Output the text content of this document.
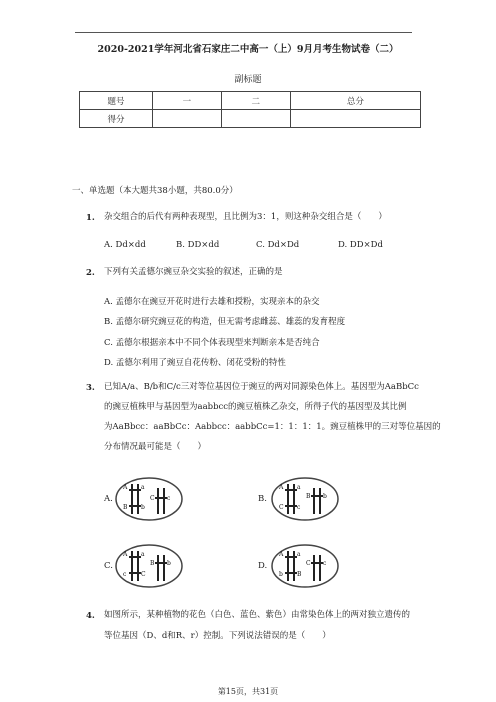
2020-2021学年河北省石家庄二中高一（上）9月月考生物试卷（二）
副标题
题号	一	二	总分
得分			
一、单选题（本大题共38小题，共80.0分）
1. 杂交组合的后代有两种表现型，且比例为3：1，则这种杂交组合是（　　）
A. Dd×dd	B. DD×dd	C. Dd×Dd	D. DD×Dd
2. 下列有关孟德尔豌豆杂交实验的叙述，正确的是
A. 孟德尔在豌豆开花时进行去雄和授粉，实现亲本的杂交
B. 孟德尔研究豌豆花的构造，但无需考虑雌蕊、雄蕊的发育程度
C. 孟德尔根据亲本中不同个体表现型来判断亲本是否纯合
D. 孟德尔利用了豌豆自花传粉、闭花受粉的特性
3. 已知A/a、B/b和C/c三对等位基因位于豌豆的两对同源染色体上。基因型为AaBbCc
的豌豆植株甲与基因型为aabbcc的豌豆植株乙杂交，所得子代的基因型及其比例
为AaBbcc：aaBbCc：Aabbcc：aabbCc=1：1：1：1。豌豆植株甲的三对等位基因的
分布情况最可能是（　　）
A.	B.
C.	D.
A a
B b
C c
A a
C c
B b
A a
c C
B b
A a
b B
C c
4. 如图所示，某种植物的花色（白色、蓝色、紫色）由常染色体上的两对独立遗传的
等位基因（D、d和R、r）控制。下列说法错误的是（　　）
第15页，共31页
